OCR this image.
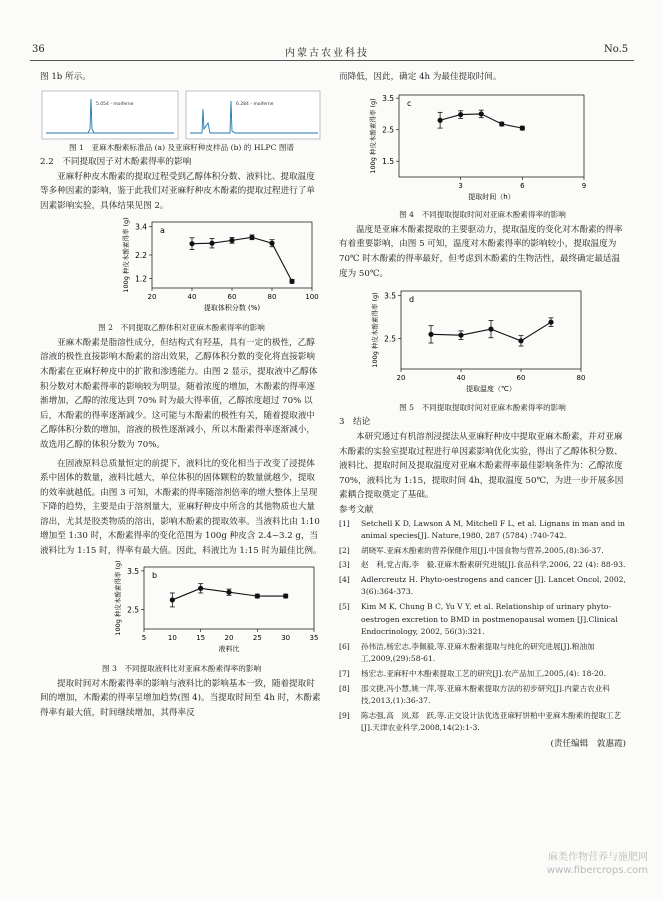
36	内蒙古农业科技	No.5

图 1b 所示。

5.054 - moiferne	6.284 - moiferne

图 1　亚麻木酚素标准品 (a) 及亚麻籽种皮样品 (b) 的 HLPC 图谱

2.2　不同提取因子对木酚素得率的影响

亚麻籽种皮木酚素的提取过程受到乙醇体积分数、液料比、提取温度等多种因素的影响，鉴于此我们对亚麻籽种皮木酚素的提取过程进行了单因素影响实验，具体结果见图 2。

a
20	40	60	80	100
1.2
2.2
3.4
提取体积分数 (%)
100g 种皮木酚素得率 (g)

图 2　不同提取乙醇体积对亚麻木酚素得率的影响

亚麻木酚素是脂溶性成分，但结构式有羟基，具有一定的极性，乙醇溶液的极性直接影响木酚素的溶出效果，乙醇体积分数的变化将直接影响木酚素在亚麻籽种皮中的扩散和渗透能力。由图 2 显示，提取液中乙醇体积分数对木酚素得率的影响较为明显，随着浓度的增加，木酚素的得率逐渐增加，乙醇的浓度达到 70% 时为最大得率值，乙醇浓度超过 70% 以后，木酚素的得率逐渐减少。这可能与木酚素的极性有关，随着提取液中乙醇体积分数的增加，溶液的极性逐渐减小，所以木酚素得率逐渐减小，故选用乙醇的体积分数为 70%。

在固液原料总质量恒定的前提下，液料比的变化相当于改变了浸提体系中固体的数量，液料比越大，单位体积的固体颗粒的数量就越少，提取的效率就越低。由图 3 可知，木酚素的得率随溶剂倍率的增大整体上呈现下降的趋势，主要是由于溶剂量大，亚麻籽种皮中所含的其他物质也大量溶出，尤其是胶类物质的溶出，影响木酚素的提取效率。当液料比由 1:10 增加至 1:30 时，木酚素得率的变化范围为 100g 种皮含 2.4~3.2 g，当液料比为 1:15 时，得率有最大值。因此，料液比为 1:15 时为最佳比例。

b
5	10	15	20	25	30	35
2.5
3.5
液料比
100g 种皮木酚素得率 (g)

图 3　不同提取液料比对亚麻木酚素得率的影响

提取时间对木酚素得率的影响与液料比的影响基本一致，随着提取时间的增加，木酚素的得率呈增加趋势(图 4)。当提取时间至 4h 时，木酚素得率有最大值，时间继续增加，其得率反

而降低，因此，确定 4h 为最佳提取时间。

c
3	6	9
1.5
2.5
3.5
提取时间（h）
100g 种皮木酚素得率 (g)

图 4　不同提取提取时间对亚麻木酚素得率的影响

温度是亚麻木酚素提取的主要驱动力，提取温度的变化对木酚素的得率有着重要影响，由图 5 可知，温度对木酚素得率的影响较小，提取温度为 70℃ 时木酚素的得率最好，但考虑到木酚素的生物活性，最终确定最适温度为 50℃。

d
20	40	60	80
2.5
3.5
提取温度（℃）
100g 种皮木酚素得率 (g)

图 5　不同提取提取时间对亚麻木酚素得率的影响

3　结论

本研究通过有机溶剂浸提法从亚麻籽种皮中提取亚麻木酚素，并对亚麻木酚素的实验室提取过程进行单因素影响优化实验，得出了乙醇体积分数、液料比、提取时间及提取温度对亚麻木酚素得率最佳影响条件为：乙醇浓度 70%，液料比为 1:15，提取时间 4h，提取温度 50℃，为进一步开展多因素耦合提取奠定了基础。

参考文献

[1]	Setchell K D, Lawson A M, Mitchell F L, et al. Lignans in man and in animal species[J]. Nature,1980, 287 (5784) :740-742.
[2]	胡晓军.亚麻木酚素的营养保健作用[J].中国食物与营养,2005,(8):36-37.
[3]	赵　利,党占海,李　毅.亚麻木酚素研究进展[J].食品科学,2006, 22 (4): 88-93.
[4]	Adlercreutz H. Phyto-oestrogens and cancer [J]. Lancet Oncol, 2002, 3(6):364-373.
[5]	Kim M K, Chung B C, Yu V Y, et al. Relationship of urinary phyto-oestrogen excretion to BMD in postmenopausal women [J].Clinical Endocrinology, 2002, 56(3):321.
[6]	孙伟洁,杨宏志,李佩毅,等.亚麻木酚素提取与纯化的研究进展[J].粮油加工,2009,(29):58-61.
[7]	杨宏志.亚麻籽中木酚素提取工艺的研究[J].农产品加工,2005,(4): 18-20.
[8]	邵文捷,冯小慧,姚一萍,等.亚麻木酚素提取方法的初步研究[J].内蒙古农业科技,2013,(1):36-37.
[9]	陈志强,高　岚,郑　跃,等.正交设计法优选亚麻籽饼粕中亚麻木酚素的提取工艺[J].天津农业科学,2008,14(2):1-3.
(责任编辑　敦惠霞)
麻类作物营养与施肥网
www.fibercrops.com
